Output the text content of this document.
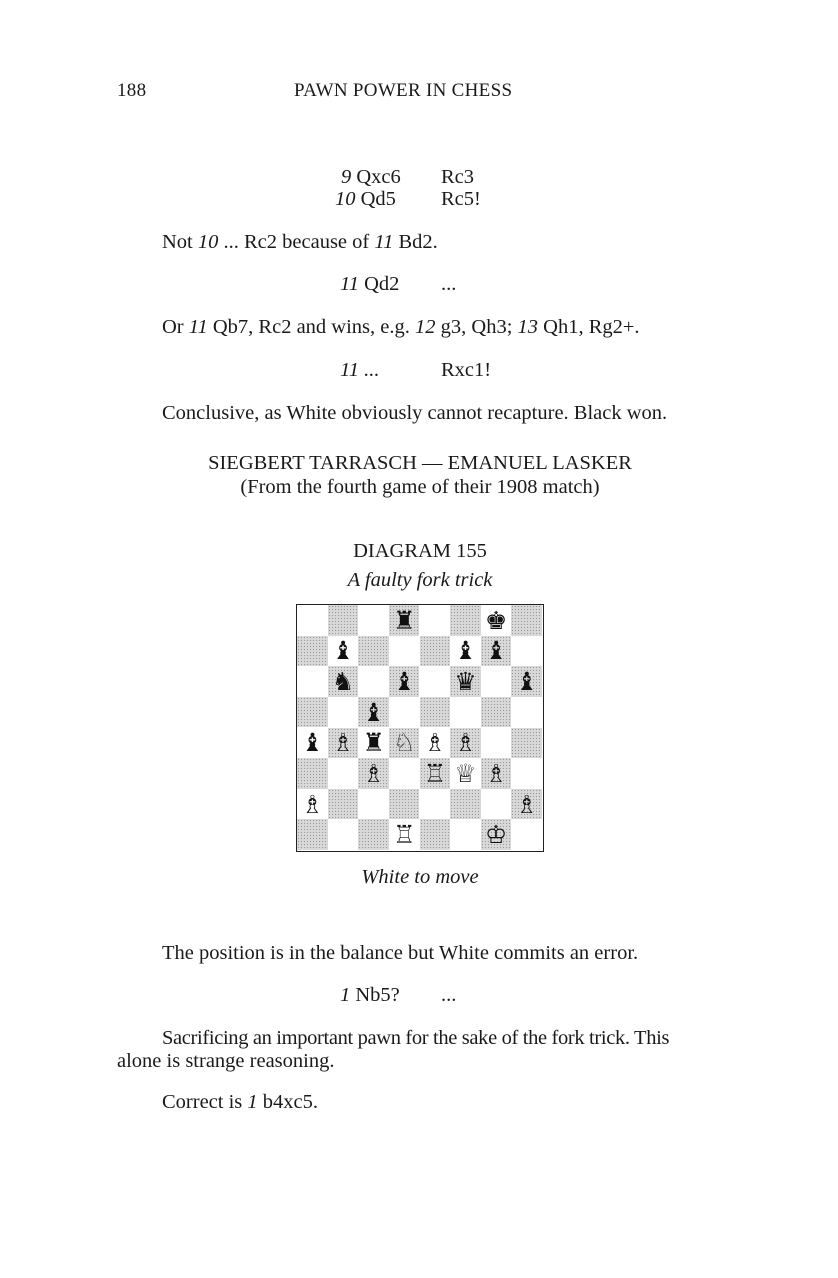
188	PAWN POWER IN CHESS
9 Qxc6 Rc3
10 Qd5 Rc5!
Not 10 ... Rc2 because of 11 Bd2.
11 Qd2 ...
Or 11 Qb7, Rc2 and wins, e.g. 12 g3, Qh3; 13 Qh1, Rg2+.
11 ...	Rxc1!
Conclusive, as White obviously cannot recapture. Black won.
SIEGBERT TARRASCH — EMANUEL LASKER
(From the fourth game of their 1908 match)
DIAGRAM 155
A faulty fork trick
♜	♚
♝	♝ ♝
♞ ♝ ♛ ♝
♝
♝ ♗ ♜ ♘ ♗ ♗
♗ ♖ ♕ ♗
♗	♗
♖	♔
White to move
The position is in the balance but White commits an error.
1 Nb5? ...
Sacrificing an important pawn for the sake of the fork trick. This
alone is strange reasoning.
Correct is 1 b4xc5.
